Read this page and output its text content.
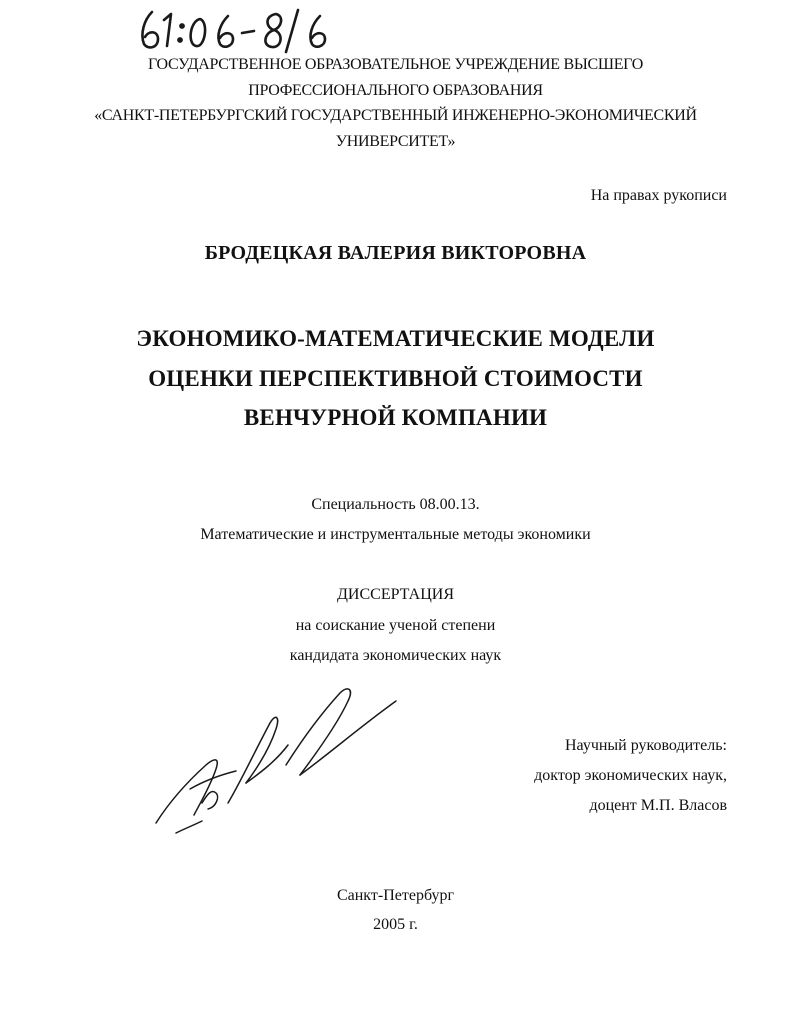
ГОСУДАРСТВЕННОЕ ОБРАЗОВАТЕЛЬНОЕ УЧРЕЖДЕНИЕ ВЫСШЕГО
ПРОФЕССИОНАЛЬНОГО ОБРАЗОВАНИЯ
«САНКТ-ПЕТЕРБУРГСКИЙ ГОСУДАРСТВЕННЫЙ ИНЖЕНЕРНО-ЭКОНОМИЧЕСКИЙ
УНИВЕРСИТЕТ»
На правах рукописи
БРОДЕЦКАЯ ВАЛЕРИЯ ВИКТОРОВНА
ЭКОНОМИКО-МАТЕМАТИЧЕСКИЕ МОДЕЛИ
ОЦЕНКИ ПЕРСПЕКТИВНОЙ СТОИМОСТИ
ВЕНЧУРНОЙ КОМПАНИИ
Специальность 08.00.13.
Математические и инструментальные методы экономики
ДИССЕРТАЦИЯ
на соискание ученой степени
кандидата экономических наук
Научный руководитель:
доктор экономических наук,
доцент М.П. Власов
Санкт-Петербург
2005 г.
